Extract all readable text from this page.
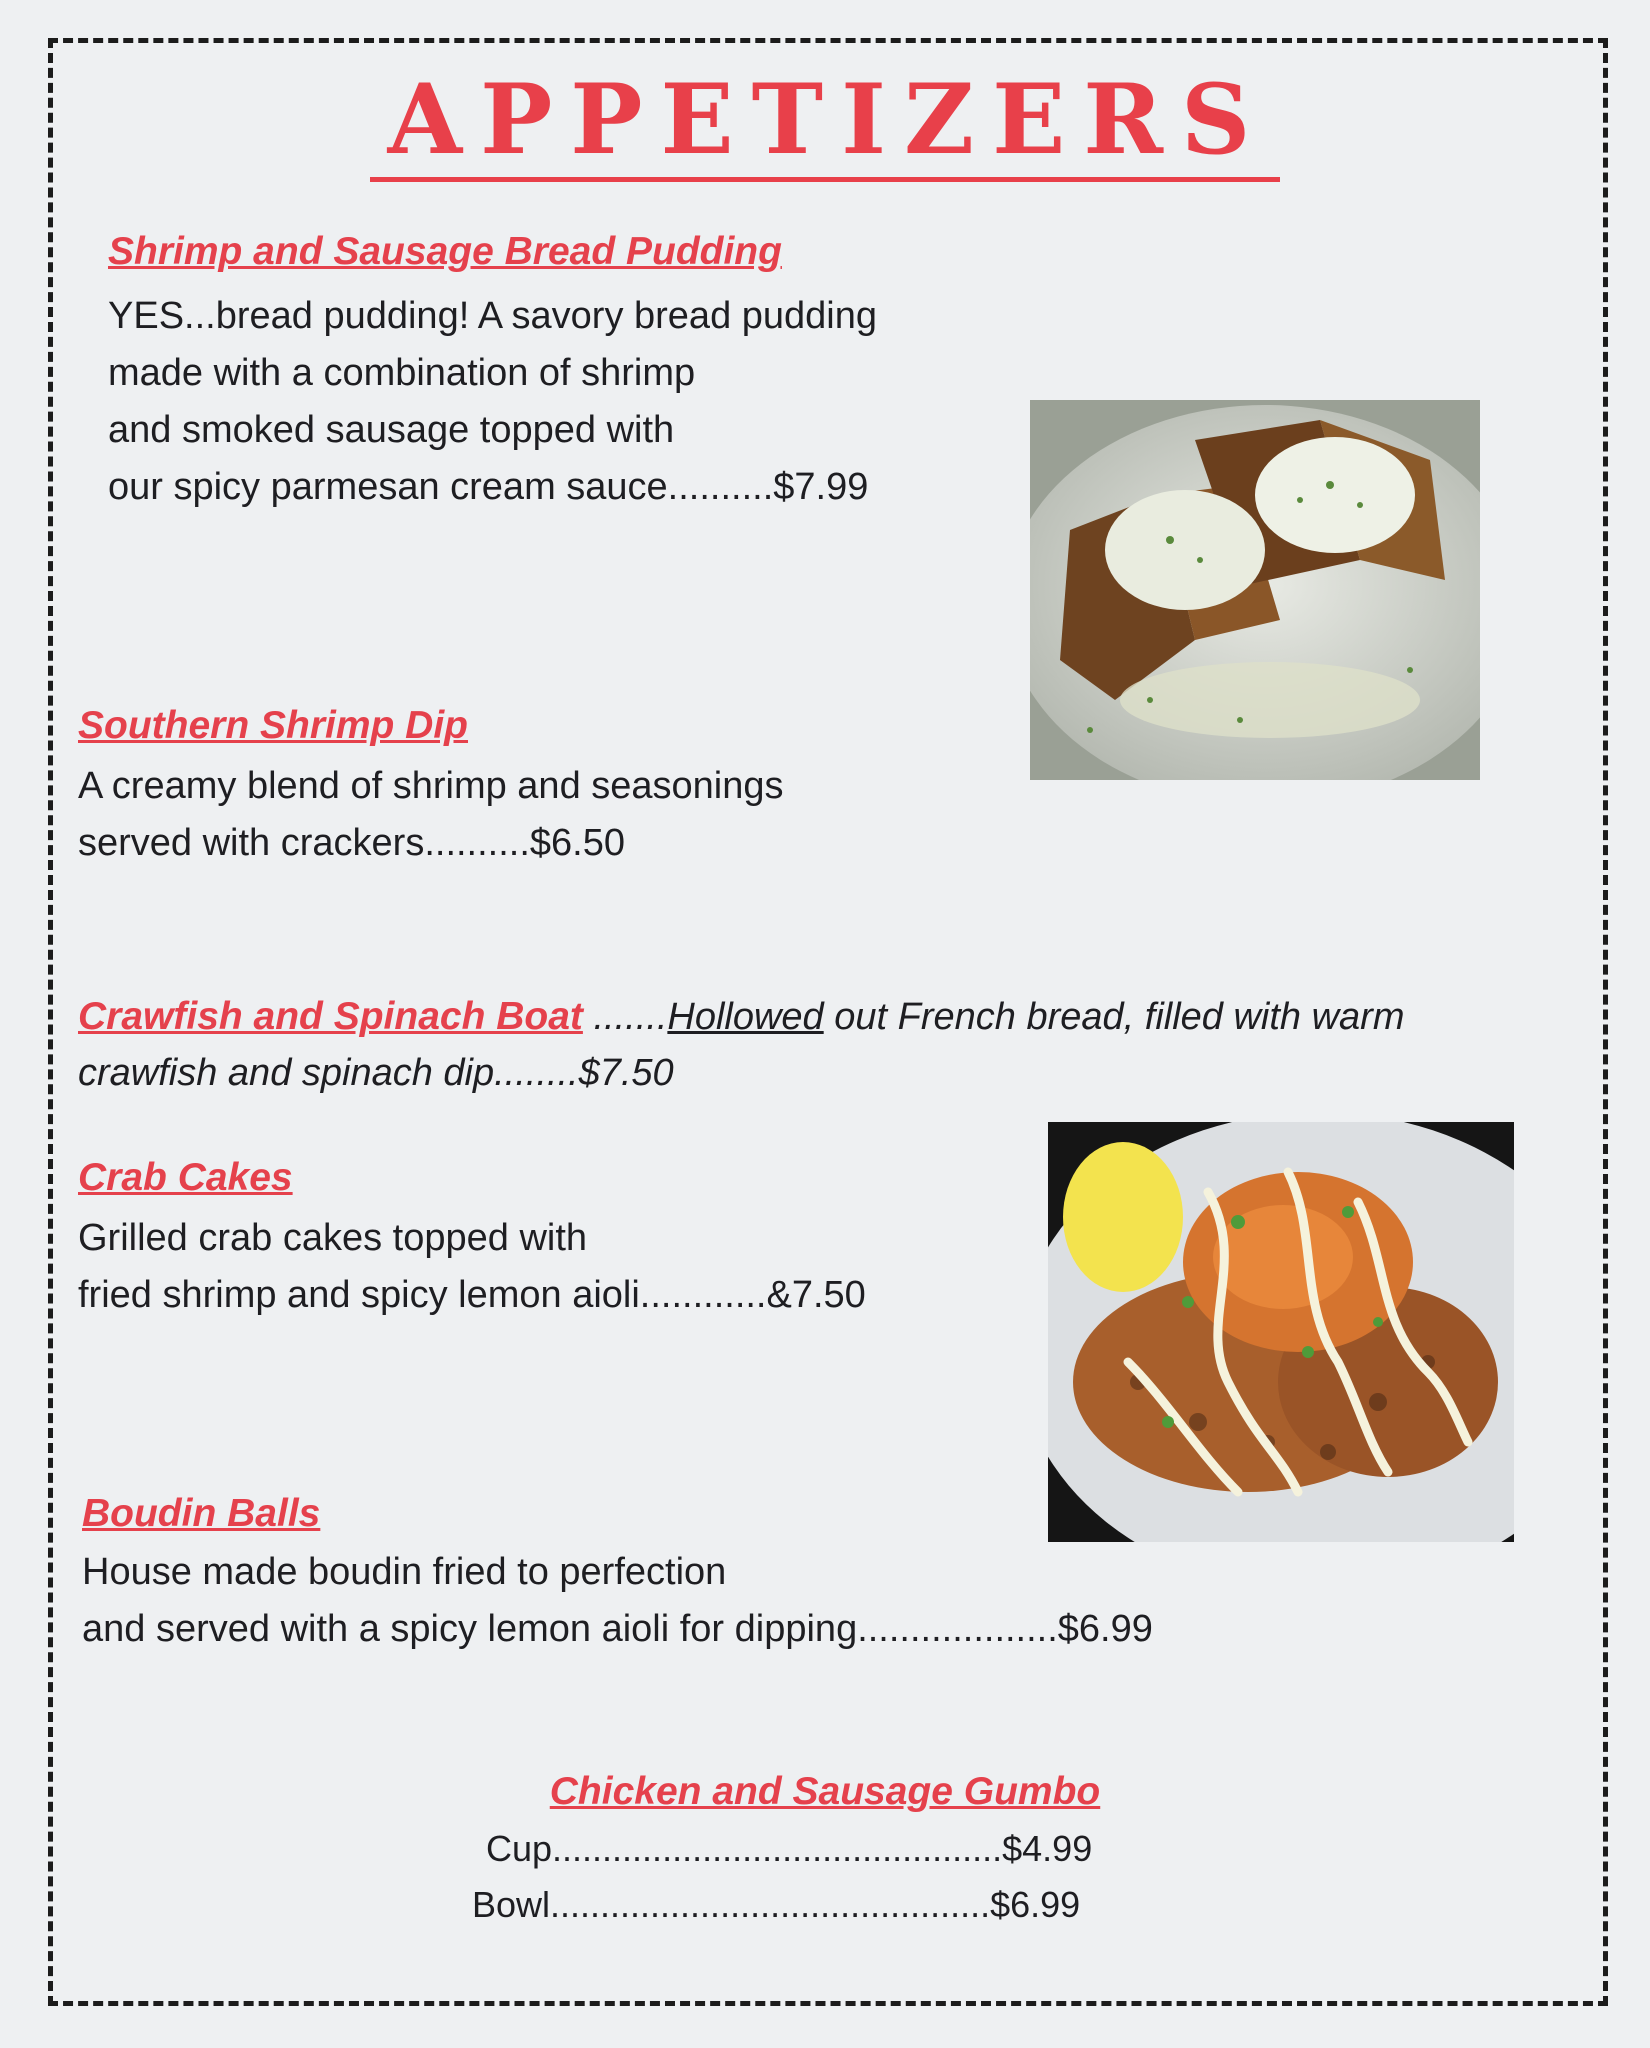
APPETIZERS
Shrimp and Sausage Bread Pudding
YES...bread pudding! A savory bread pudding
made with a combination of shrimp
and smoked sausage topped with
our spicy parmesan cream sauce..........$7.99
Southern Shrimp Dip
A creamy blend of shrimp and seasonings
served with crackers..........$6.50
Crawfish and Spinach Boat .......Hollowed out French bread, filled with warm
crawfish and spinach dip........$7.50
Crab Cakes
Grilled crab cakes topped with
fried shrimp and spicy lemon aioli............&7.50
Boudin Balls
House made boudin fried to perfection
and served with a spicy lemon aioli for dipping...................$6.99
Chicken and Sausage Gumbo
Cup.............................................$4.99
Bowl............................................$6.99
